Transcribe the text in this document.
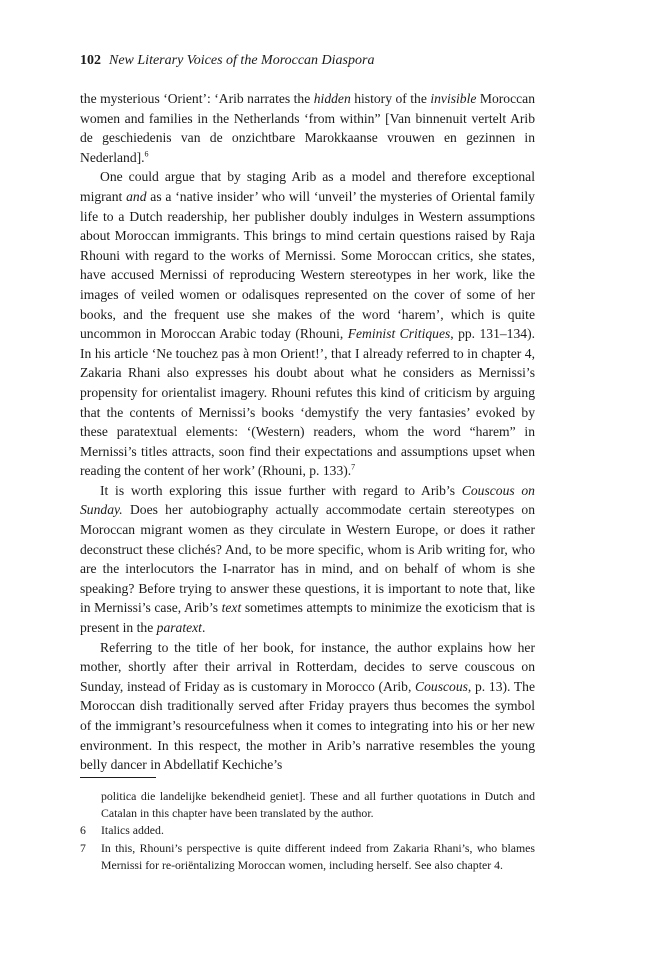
102 New Literary Voices of the Moroccan Diaspora

the mysterious ‘Orient’: ‘Arib narrates the hidden history of the invisible Moroccan women and families in the Netherlands ‘from within” [Van binnenuit vertelt Arib de geschiedenis van de onzichtbare Marokkaanse vrouwen en gezinnen in Nederland].$^6$

One could argue that by staging Arib as a model and therefore exceptional migrant and as a ‘native insider’ who will ‘unveil’ the mysteries of Oriental family life to a Dutch readership, her publisher doubly indulges in Western assumptions about Moroccan immigrants. This brings to mind certain questions raised by Raja Rhouni with regard to the works of Mernissi. Some Moroccan critics, she states, have accused Mernissi of reproducing Western stereotypes in her work, like the images of veiled women or odalisques represented on the cover of some of her books, and the frequent use she makes of the word ‘harem’, which is quite uncommon in Moroccan Arabic today (Rhouni, Feminist Critiques, pp. 131–134). In his article ‘Ne touchez pas à mon Orient!’, that I already referred to in chapter 4, Zakaria Rhani also expresses his doubt about what he considers as Mernissi’s propensity for orientalist imagery. Rhouni refutes this kind of criticism by arguing that the contents of Mernissi’s books ‘demystify the very fantasies’ evoked by these paratextual elements: ‘(Western) readers, whom the word “harem” in Mernissi’s titles attracts, soon find their expectations and assumptions upset when reading the content of her work’ (Rhouni, p. 133).$^7$

It is worth exploring this issue further with regard to Arib’s Couscous on Sunday. Does her autobiography actually accommodate certain stereotypes on Moroccan migrant women as they circulate in Western Europe, or does it rather deconstruct these clichés? And, to be more specific, whom is Arib writing for, who are the interlocutors the I-narrator has in mind, and on behalf of whom is she speaking? Before trying to answer these questions, it is important to note that, like in Mernissi’s case, Arib’s text sometimes attempts to minimize the exoticism that is present in the paratext.

Referring to the title of her book, for instance, the author explains how her mother, shortly after their arrival in Rotterdam, decides to serve couscous on Sunday, instead of Friday as is customary in Morocco (Arib, Couscous, p. 13). The Moroccan dish traditionally served after Friday prayers thus becomes the symbol of the immigrant’s resourcefulness when it comes to integrating into his or her new environment. In this respect, the mother in Arib’s narrative resembles the young belly dancer in Abdellatif Kechiche’s

politica die landelijke bekendheid geniet]. These and all further quotations in Dutch and Catalan in this chapter have been translated by the author.
6	Italics added.
7	In this, Rhouni’s perspective is quite different indeed from Zakaria Rhani’s, who blames Mernissi for re-oriëntalizing Moroccan women, including herself. See also chapter 4.
